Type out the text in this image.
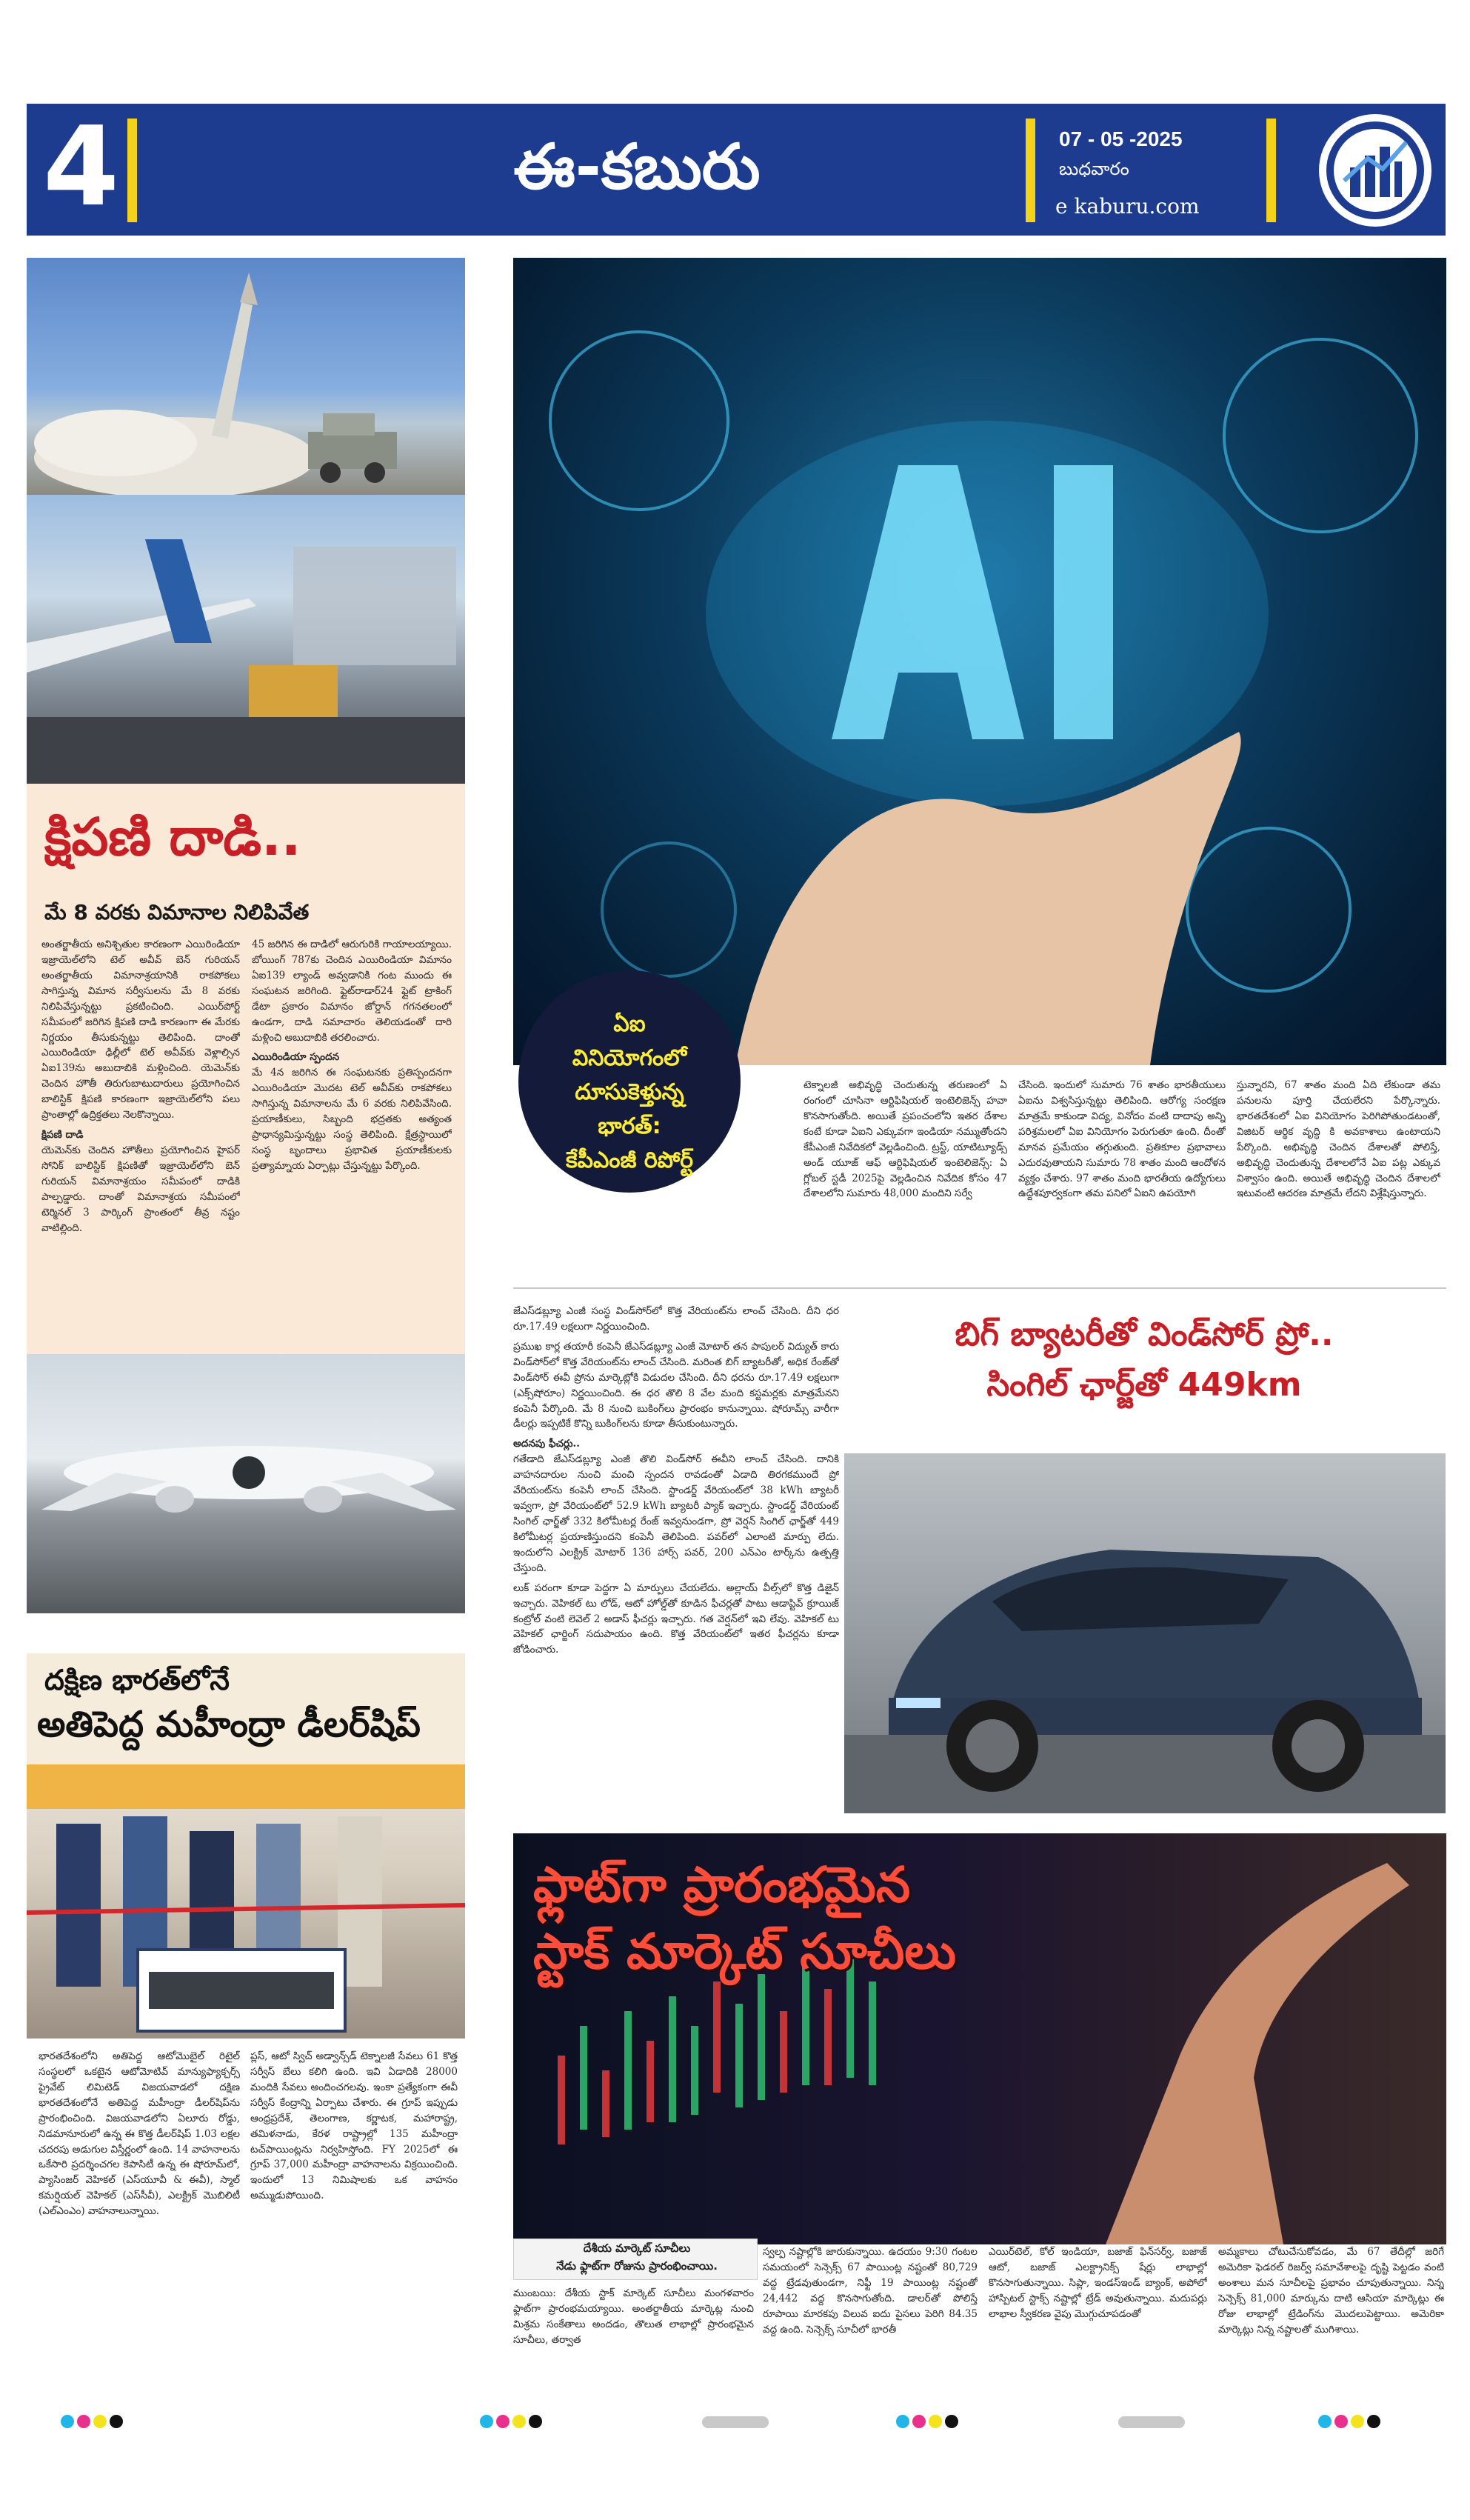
4	ఈ-కబురు	07 - 05 -2025
బుధవారం
e kaburu.com
క్షిపణి దాడి..
మే 8 వరకు విమానాల నిలిపివేత

అంతర్జాతీయ అనిశ్చితుల కారణంగా ఎయిరిండియా ఇజ్రాయెల్‌లోని టెల్ అవీవ్ బెన్ గురియన్ అంతర్జాతీయ విమానాశ్రయానికి రాకపోకలు సాగిస్తున్న విమాన సర్వీసులను మే 8 వరకు నిలిపివేస్తున్నట్టు ప్రకటించింది. ఎయిర్‌పోర్ట్ సమీపంలో జరిగిన క్షిపణి దాడి కారణంగా ఈ మేరకు నిర్ణయం తీసుకున్నట్టు తెలిపింది. దాంతో ఎయిరిండియా ఢిల్లీలో టెల్ అవీవ్‌కు వెళ్లాల్సిన ఏఐ139ను అబుదాబికి మళ్లించింది. యెమెన్‌కు చెందిన హౌతీ తిరుగుబాటుదారులు ప్రయోగించిన బాలిస్టిక్ క్షిపణి కారణంగా ఇజ్రాయెల్‌లోని పలు ప్రాంతాల్లో ఉద్రిక్తతలు నెలకొన్నాయి.

క్షిపణి దాడి

యెమెన్‌కు చెందిన హౌతీలు ప్రయోగించిన హైపర్ సోనిక్ బాలిస్టిక్ క్షిపణితో ఇజ్రాయెల్‌లోని బెన్ గురియన్ విమానాశ్రయం సమీపంలో దాడికి పాల్పడ్డారు. దాంతో విమానాశ్రయ సమీపంలో టెర్మినల్ 3 పార్కింగ్ ప్రాంతంలో తీవ్ర నష్టం వాటిల్లింది.

45 జరిగిన ఈ దాడిలో ఆరుగురికి గాయాలయ్యాయి. బోయింగ్ 787కు చెందిన ఎయిరిండియా విమానం ఏఐ139 ల్యాండ్ అవ్వడానికి గంట ముందు ఈ సంఘటన జరిగింది. ఫ్లైట్‌రాడార్24 ఫ్లైట్ ట్రాకింగ్ డేటా ప్రకారం విమానం జోర్డాన్ గగనతలంలో ఉండగా, దాడి సమాచారం తెలియడంతో దారి మళ్లించి అబుదాబికి తరలించారు.

ఎయిరిండియా స్పందన

మే 4న జరిగిన ఈ సంఘటనకు ప్రతిస్పందనగా ఎయిరిండియా మొదట టెల్ అవీవ్‌కు రాకపోకలు సాగిస్తున్న విమానాలను మే 6 వరకు నిలిపివేసింది. ప్రయాణీకులు, సిబ్బంది భద్రతకు అత్యంత ప్రాధాన్యమిస్తున్నట్టు సంస్థ తెలిపింది. క్షేత్రస్థాయిలో సంస్థ బృందాలు ప్రభావిత ప్రయాణీకులకు ప్రత్యామ్నాయ ఏర్పాట్లు చేస్తున్నట్టు పేర్కొంది.

దక్షిణ భారత్‌లోనే
అతిపెద్ద మహీంద్రా డీలర్‌షిప్
భారతదేశంలోని అతిపెద్ద ఆటోమొబైల్ రిటైల్ సంస్థలలో ఒకటైన ఆటోమోటివ్ మాన్యుఫ్యాక్చర్స్ ప్రైవేట్ లిమిటెడ్ విజయవాడలో దక్షిణ భారతదేశంలోనే అతిపెద్ద మహీంద్రా డీలర్‌షిప్‌ను ప్రారంభించింది. విజయవాడలోని ఏలూరు రోడ్డు, నిడమానూరులో ఉన్న ఈ కొత్త డీలర్‌షిప్ 1.03 లక్షల చదరపు అడుగుల విస్తీర్ణంలో ఉంది. 14 వాహనాలను ఒకేసారి ప్రదర్శించగల కెపాసిటీ ఉన్న ఈ షోరూమ్‌లో, ప్యాసింజర్ వెహికల్ (ఎస్‌యూవీ & ఈవీ), స్మాల్ కమర్షియల్ వెహికల్ (ఎస్‌సీవీ), ఎలక్ట్రిక్ మొబిలిటీ (ఎల్ఎంఎం) వాహనాలున్నాయి.
ప్లస్, ఆటో స్విచ్ అడ్వాన్స్‌డ్ టెక్నాలజీ సేవలు 61 కొత్త సర్వీస్ బేలు కలిగి ఉంది. ఇవి ఏడాదికి 28000 మందికి సేవలు అందించగలవు. ఇంకా ప్రత్యేకంగా ఈవీ సర్వీస్ కేంద్రాన్ని ఏర్పాటు చేశారు. ఈ గ్రూప్ ఇప్పుడు ఆంధ్రప్రదేశ్, తెలంగాణ, కర్ణాటక, మహారాష్ట్ర, తమిళనాడు, కేరళ రాష్ట్రాల్లో 135 మహీంద్రా టచ్‌పాయింట్లను నిర్వహిస్తోంది. FY 2025లో ఈ గ్రూప్ 37,000 మహీంద్రా వాహనాలను విక్రయించింది. ఇందులో 13 నిమిషాలకు ఒక వాహనం అమ్ముడుపోయింది.
ఏఐ
వినియోగంలో
దూసుకెళ్తున్న
భారత్:
కేపీఎంజీ రిపోర్ట్
టెక్నాలజీ అభివృద్ధి చెందుతున్న తరుణంలో ఏ రంగంలో చూసినా ఆర్టిఫిషియల్ ఇంటెలిజెన్స్ హవా కొనసాగుతోంది. అయితే ప్రపంచంలోని ఇతర దేశాల కంటే కూడా ఏఐని ఎక్కువగా ఇండియా నమ్ముతోందని కేపీఎంజీ నివేదికలో వెల్లడించింది. ట్రస్ట్, యాటిట్యూడ్స్ అండ్ యూజ్ ఆఫ్ ఆర్టిఫిషియల్ ఇంటెలిజెన్స్: ఏ గ్లోబల్ స్టడీ 2025పై వెల్లడించిన నివేదిక కోసం 47 దేశాలలోని సుమారు 48,000 మందిని సర్వే
చేసింది. ఇందులో సుమారు 76 శాతం భారతీయులు ఏఐను విశ్వసిస్తున్నట్టు తెలిపింది. ఆరోగ్య సంరక్షణ మాత్రమే కాకుండా విద్య, వినోదం వంటి దాదాపు అన్ని పరిశ్రమలలో ఏఐ వినియోగం పెరుగుతూ ఉంది. దీంతో మానవ ప్రమేయం తగ్గుతుంది. ప్రతికూల ప్రభావాలు ఎదురవుతాయని సుమారు 78 శాతం మంది ఆందోళన వ్యక్తం చేశారు. 97 శాతం మంది భారతీయ ఉద్యోగులు ఉద్దేశపూర్వకంగా తమ పనిలో ఏఐని ఉపయోగి
స్తున్నారని, 67 శాతం మంది ఏది లేకుండా తమ పనులను పూర్తి చేయలేరని పేర్కొన్నారు. భారతదేశంలో ఏఐ వినియోగం పెరిగిపోతుండటంతో, విజిటర్ ఆర్థిక వృద్ధి కి అవకాశాలు ఉంటాయని పేర్కొంది. అభివృద్ధి చెందిన దేశాలతో పోలిస్తే, అభివృద్ధి చెందుతున్న దేశాలలోనే ఏఐ పట్ల ఎక్కువ విశ్వాసం ఉంది. అయితే అభివృద్ధి చెందిన దేశాలలో ఇటువంటి ఆదరణ మాత్రమే లేదని విశ్లేషిస్తున్నారు.

జేఎస్‌డబ్ల్యూ ఎంజీ సంస్థ విండ్‌సోర్‌లో కొత్త వేరియంట్‌ను లాంచ్ చేసింది. దీని ధర రూ.17.49 లక్షలుగా నిర్ణయించింది.

ప్రముఖ కార్ల తయారీ కంపెనీ జేఎస్‌డబ్ల్యూ ఎంజీ మోటార్ తన పాపులర్ విద్యుత్ కారు విండ్‌సోర్‌లో కొత్త వేరియంట్‌ను లాంచ్ చేసింది. మరింత బిగ్ బ్యాటరీతో, అధిక రేంజ్‌తో విండ్‌సోర్ ఈవీ ప్రోను మార్కెట్లోకి విడుదల చేసింది. దీని ధరను రూ.17.49 లక్షలుగా (ఎక్స్‌షోరూం) నిర్ణయించింది. ఈ ధర తొలి 8 వేల మంది కస్టమర్లకు మాత్రమేనని కంపెనీ పేర్కొంది. మే 8 నుంచి బుకింగ్‌లు ప్రారంభం కానున్నాయి. షోరూమ్స్ వారీగా డీలర్లు ఇప్పటికే కొన్ని బుకింగ్‌లను కూడా తీసుకుంటున్నారు.

అదనపు ఫీచర్లు..

గతేడాది జేఎస్‌డబ్ల్యూ ఎంజీ తొలి విండ్‌సోర్ ఈవీని లాంచ్ చేసింది. దానికి వాహనదారుల నుంచి మంచి స్పందన రావడంతో ఏడాది తిరగకముందే ప్రో వేరియంట్‌ను కంపెనీ లాంచ్ చేసింది. స్టాండర్డ్ వేరియంట్‌లో 38 kWh బ్యాటరీ ఇవ్వగా, ప్రో వేరియంట్‌లో 52.9 kWh బ్యాటరీ ప్యాక్ ఇచ్చారు. స్టాండర్డ్ వేరియంట్ సింగిల్ ఛార్జ్‌తో 332 కిలోమీటర్ల రేంజ్ ఇవ్వనుండగా, ప్రో వెర్షన్ సింగిల్ ఛార్జ్‌తో 449 కిలోమీటర్ల ప్రయాణిస్తుందని కంపెనీ తెలిపింది. పవర్‌లో ఎలాంటి మార్పు లేదు. ఇందులోని ఎలక్ట్రిక్ మోటార్ 136 హార్స్ పవర్, 200 ఎన్ఎం టార్క్‌ను ఉత్పత్తి చేస్తుంది.

లుక్ పరంగా కూడా పెద్దగా ఏ మార్పులు చేయలేదు. అల్లాయ్ వీల్స్‌లో కొత్త డిజైన్ ఇచ్చారు. వెహికల్ టు లోడ్, ఆటో హోల్డ్‌తో కూడిన ఫీచర్లతో పాటు ఆడాప్టివ్ క్రూయిజ్ కంట్రోల్ వంటి లెవెల్ 2 అడాస్ ఫీచర్లు ఇచ్చారు. గత వెర్షన్‌లో ఇవి లేవు. వెహికల్ టు వెహికల్ ఛార్జింగ్ సదుపాయం ఉంది. కొత్త వేరియంట్‌లో ఇతర ఫీచర్లను కూడా జోడించారు.

బిగ్ బ్యాటరీతో విండ్‌సోర్ ప్రో..
సింగిల్ ఛార్జ్‌తో 449km
ఫ్లాట్‌గా ప్రారంభమైన
స్టాక్ మార్కెట్ సూచీలు
దేశీయ మార్కెట్ సూచీలు
నేడు ఫ్లాట్‌గా రోజును ప్రారంభించాయి.
ముంబయి: దేశీయ స్టాక్ మార్కెట్ సూచీలు మంగళవారం ఫ్లాట్‌గా ప్రారంభమయ్యాయి. అంతర్జాతీయ మార్కెట్ల నుంచి మిశ్రమ సంకేతాలు అందడం, తొలుత లాభాల్లో ప్రారంభమైన సూచీలు, తర్వాత
స్వల్ప నష్టాల్లోకి జారుకున్నాయి. ఉదయం 9:30 గంటల సమయంలో సెన్సెక్స్ 67 పాయింట్ల నష్టంతో 80,729 వద్ద ట్రేడవుతుండగా, నిఫ్టీ 19 పాయింట్ల నష్టంతో 24,442 వద్ద కొనసాగుతోంది. డాలర్‌తో పోలిస్తే రూపాయి మారకపు విలువ ఐదు పైసలు పెరిగి 84.35 వద్ద ఉంది. సెన్సెక్స్ సూచీలో భారతీ
ఎయిర్‌టెల్, కోల్ ఇండియా, బజాజ్ ఫిన్‌సర్వ్, బజాజ్ ఆటో, బజాజ్ ఎలక్ట్రానిక్స్ షేర్లు లాభాల్లో కొనసాగుతున్నాయి. సిప్లా, ఇండస్ఇండ్ బ్యాంక్, అపోలో హాస్పిటల్ స్టాక్స్ నష్టాల్లో ట్రేడ్ అవుతున్నాయి. మదుపర్లు లాభాల స్వీకరణ వైపు మొగ్గుచూపడంతో
అమ్మకాలు చోటుచేసుకోవడం, మే 67 తేదీల్లో జరిగే అమెరికా ఫెడరల్ రిజర్వ్ సమావేశాలపై దృష్టి పెట్టడం వంటి అంశాలు మన సూచీలపై ప్రభావం చూపుతున్నాయి. నిన్న సెన్సెక్స్ 81,000 మార్కును దాటి ఆసియా మార్కెట్లు ఈ రోజు లాభాల్లో ట్రేడింగ్‌ను మొదలుపెట్టాయి. అమెరికా మార్కెట్లు నిన్న నష్టాలతో ముగిశాయి.
